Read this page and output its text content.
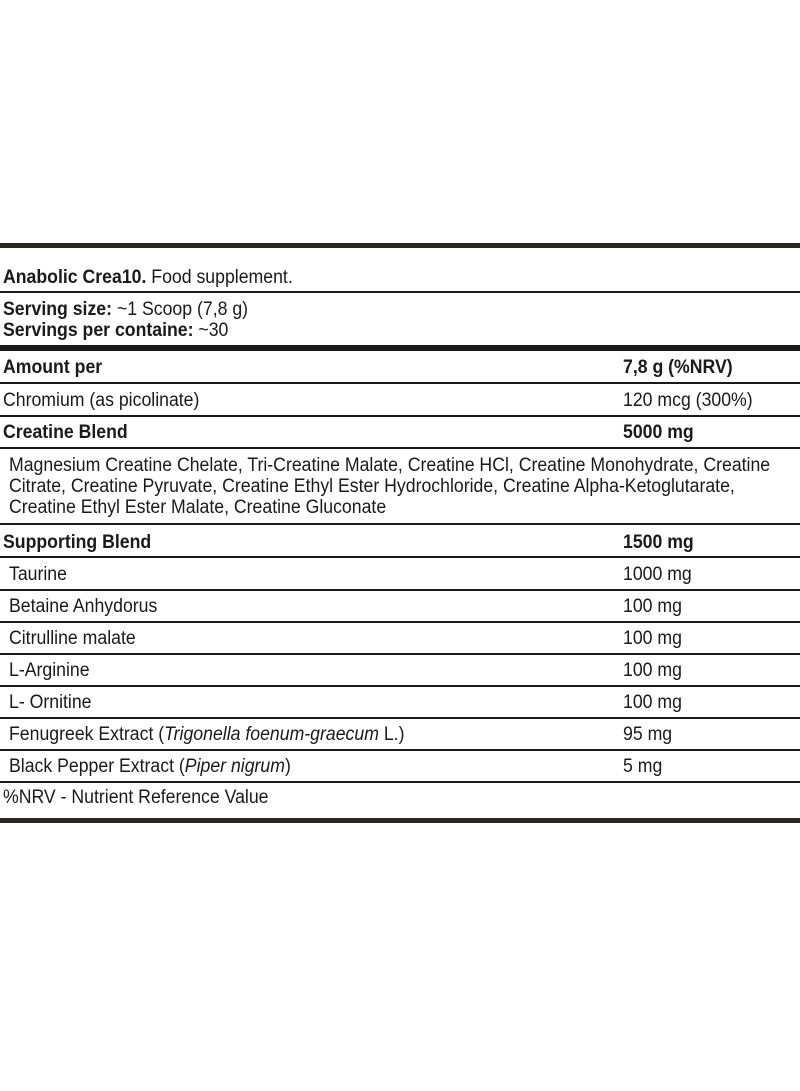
Anabolic Crea10. Food supplement.
Serving size: ~1 Scoop (7,8 g)
Servings per containe: ~30
Amount per	7,8 g (%NRV)
Chromium (as picolinate)	120 mcg (300%)
Creatine Blend	5000 mg
Magnesium Creatine Chelate, Tri-Creatine Malate, Creatine HCl, Creatine Monohydrate, Creatine Citrate, Creatine Pyruvate, Creatine Ethyl Ester Hydrochloride, Creatine Alpha-Ketoglutarate, Creatine Ethyl Ester Malate, Creatine Gluconate
Supporting Blend	1500 mg
Taurine	1000 mg
Betaine Anhydorus	100 mg
Citrulline malate	100 mg
L-Arginine	100 mg
L- Ornitine	100 mg
Fenugreek Extract (Trigonella foenum-graecum L.)	95 mg
Black Pepper Extract (Piper nigrum)	5 mg
%NRV - Nutrient Reference Value
